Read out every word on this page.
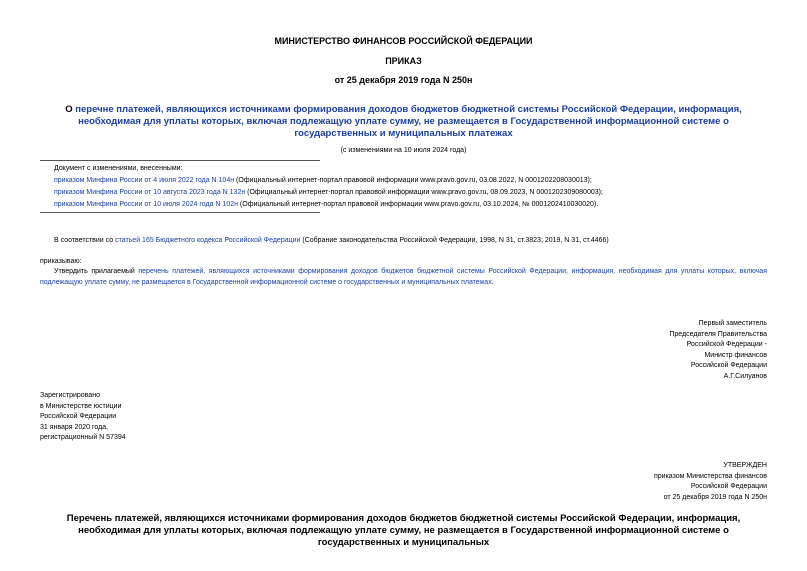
МИНИСТЕРСТВО ФИНАНСОВ РОССИЙСКОЙ ФЕДЕРАЦИИ
ПРИКАЗ
от 25 декабря 2019 года N 250н
О перечне платежей, являющихся источниками формирования доходов бюджетов бюджетной системы Российской Федерации, информация, необходимая для уплаты которых, включая подлежащую уплате сумму, не размещается в Государственной информационной системе о государственных и муниципальных платежах
(с изменениями на 10 июля 2024 года)
Документ с изменениями, внесенными:
приказом Минфина России от 4 июля 2022 года N 104н (Официальный интернет-портал правовой информации www.pravo.gov.ru, 03.08.2022, N 0001202208030013);
приказом Минфина России от 10 августа 2023 года N 132н (Официальный интернет-портал правовой информации www.pravo.gov.ru, 08.09.2023, N 0001202309080003);
приказом Минфина России от 10 июля 2024 года N 102н (Официальный интернет-портал правовой информации www.pravo.gov.ru, 03.10.2024, № 0001202410030020).
В соответствии со статьей 165 Бюджетного кодекса Российской Федерации (Собрание законодательства Российской Федерации, 1998, N 31, ст.3823; 2019, N 31, ст.4466)
приказываю:
Утвердить прилагаемый перечень платежей, являющихся источниками формирования доходов бюджетов бюджетной системы Российской Федерации, информация, необходимая для уплаты которых, включая подлежащую уплате сумму, не размещается в Государственной информационной системе о государственных и муниципальных платежах.
Первый заместитель
Председателя Правительства
Российской Федерации -
Министр финансов
Российской Федерации
А.Г.Силуанов
Зарегистрировано
в Министерстве юстиции
Российской Федерации
31 января 2020 года,
регистрационный N 57394
УТВЕРЖДЕН
приказом Министерства финансов
Российской Федерации
от 25 декабря 2019 года N 250н
Перечень платежей, являющихся источниками формирования доходов бюджетов бюджетной системы Российской Федерации, информация, необходимая для уплаты которых, включая подлежащую уплате сумму, не размещается в Государственной информационной системе о государственных и муниципальных
